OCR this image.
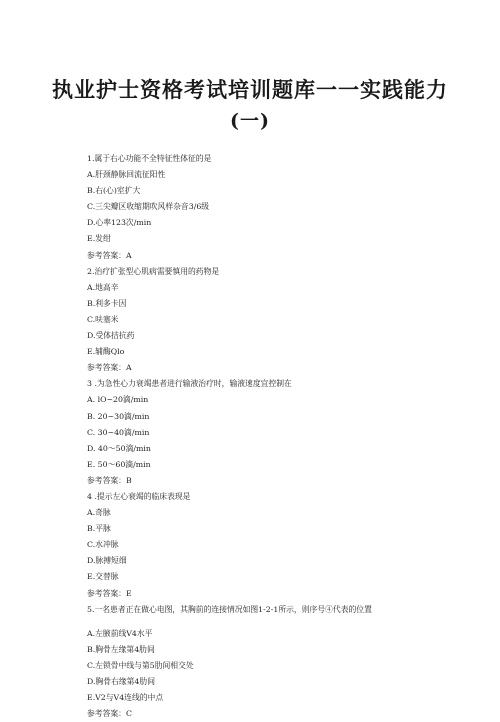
执业护士资格考试培训题库一一实践能力
(一)
1.属于右心功能不全特征性体征的是
A.肝颈静脉回流征阳性
B.右(心)室扩大
C.三尖瓣区收缩期吹风样杂音3/6级
D.心率123次/min
E.发绀
参考答案：A
2.治疗扩张型心肌病需要慎用的药物是
A.地高辛
B.利多卡因
C.呋塞米
D.受体拮抗药
E.辅酶Qlo
参考答案：A
3 .为急性心力衰竭患者进行输液治疗时，输液速度宜控制在
A. lO~20滴/min
B. 20~30滴/min
C. 30~40滴/min
D. 40～50滴/min
E. 50～60滴/min
参考答案：B
4 .提示左心衰竭的临床表现是
A.奇脉
B.平脉
C.水冲脉
D.脉搏短细
E.交替脉
参考答案：E
5.一名患者正在做心电图，其胸前的连接情况如图1-2-1所示，则序号④代表的位置
A.左腋前线V4水平
B.胸骨左缘第4肋间
C.左锁骨中线与第5肋间相交处
D.胸骨右缘第4肋间
E.V2与V4连线的中点
参考答案：C
